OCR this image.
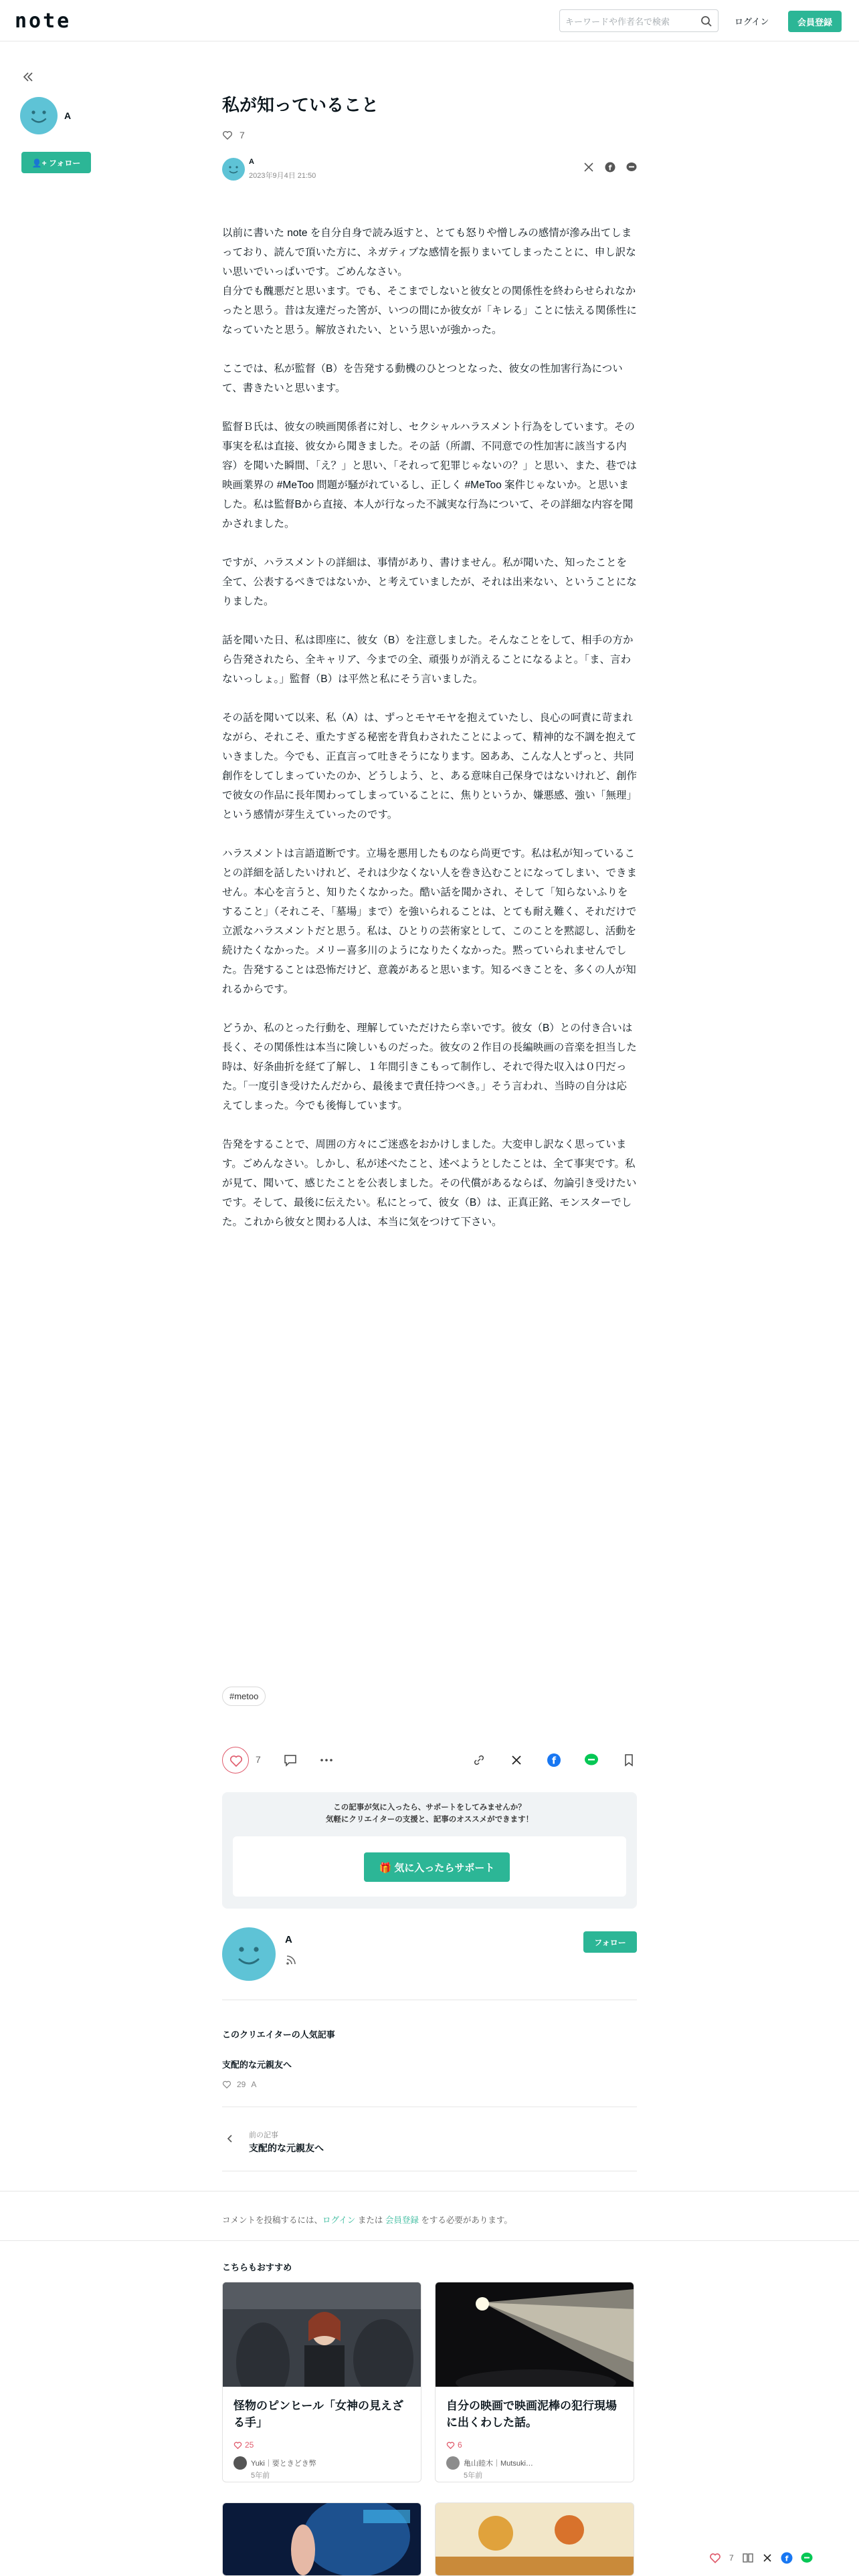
note
キーワードや作者名で検索	ログイン	会員登録
A
👤+ フォロー
私が知っていること
7
A
2023年9月4日 21:50
f

以前に書いた note を自分自身で読み返すと、とても怒りや憎しみの感情が滲み出てしまっており、読んで頂いた方に、ネガティブな感情を振りまいてしまったことに、申し訳ない思いでいっぱいです。ごめんなさい。
自分でも醜悪だと思います。でも、そこまでしないと彼女との関係性を終わらせられなかったと思う。昔は友達だった筈が、いつの間にか彼女が「キレる」ことに怯える関係性になっていたと思う。解放されたい、という思いが強かった。

ここでは、私が監督（B）を告発する動機のひとつとなった、彼女の性加害行為について、書きたいと思います。

監督Ｂ氏は、彼女の映画関係者に対し、セクシャルハラスメント行為をしています。その事実を私は直接、彼女から聞きました。その話（所謂、不同意での性加害に該当する内容）を聞いた瞬間、「え？」と思い、「それって犯罪じゃないの？」と思い、また、巷では映画業界の #MeToo 問題が騒がれているし、正しく #MeToo 案件じゃないか。と思いました。私は監督Bから直接、本人が行なった不誠実な行為について、その詳細な内容を聞かされました。

ですが、ハラスメントの詳細は、事情があり、書けません。私が聞いた、知ったことを全て、公表するべきではないか、と考えていましたが、それは出来ない、ということになりました。

話を聞いた日、私は即座に、彼女（B）を注意しました。そんなことをして、相手の方から告発されたら、全キャリア、今までの全、頑張りが消えることになるよと。「ま、言わないっしょ。」監督（B）は平然と私にそう言いました。

その話を聞いて以来、私（A）は、ずっとモヤモヤを抱えていたし、良心の呵責に苛まれながら、それこそ、重たすぎる秘密を背負わされたことによって、精神的な不調を抱えていきました。今でも、正直言って吐きそうになります。☒ああ、こんな人とずっと、共同創作をしてしまっていたのか、どうしよう、と、ある意味自己保身ではないけれど、創作で彼女の作品に長年関わってしまっていることに、焦りというか、嫌悪感、強い「無理」という感情が芽生えていったのです。

ハラスメントは言語道断です。立場を悪用したものなら尚更です。私は私が知っていることの詳細を話したいけれど、それは少なくない人を巻き込むことになってしまい、できません。本心を言うと、知りたくなかった。酷い話を聞かされ、そして「知らないふりをすること」（それこそ、「墓場」まで）を強いられることは、とても耐え難く、それだけで立派なハラスメントだと思う。私は、ひとりの芸術家として、このことを黙認し、活動を続けたくなかった。メリー喜多川のようになりたくなかった。黙っていられませんでした。告発することは恐怖だけど、意義があると思います。知るべきことを、多くの人が知れるからです。

どうか、私のとった行動を、理解していただけたら幸いです。彼女（B）との付き合いは長く、その関係性は本当に険しいものだった。彼女の２作目の長編映画の音楽を担当した時は、好条曲折を経て了解し、１年間引きこもって制作し、それで得た収入は０円だった。「一度引き受けたんだから、最後まで責任持つべき。」そう言われ、当時の自分は応えてしまった。今でも後悔しています。

告発をすることで、周囲の方々にご迷惑をおかけしました。大変申し訳なく思っています。ごめんなさい。しかし、私が述べたこと、述べようとしたことは、全て事実です。私が見て、聞いて、感じたことを公表しました。その代償があるならば、勿論引き受けたいです。そして、最後に伝えたい。私にとって、彼女（B）は、正真正銘、モンスターでした。これから彼女と関わる人は、本当に気をつけて下さい。

#metoo
7	f
この記事が気に入ったら、サポートをしてみませんか？
気軽にクリエイターの支援と、記事のオススメができます！
🎁 気に入ったらサポート
A	フォロー
このクリエイターの人気記事
支配的な元親友へ
29 A
前の記事
支配的な元親友へ
コメントを投稿するには、ログイン または 会員登録 をする必要があります。
こちらもおすすめ
怪物のピンヒール「女神の見えざる手」
25
Yuki｜要ときどき弊
5年前
自分の映画で映画泥棒の犯行現場に出くわした話。
6
亀山睦木｜Mutsuki…
5年前
7	f
